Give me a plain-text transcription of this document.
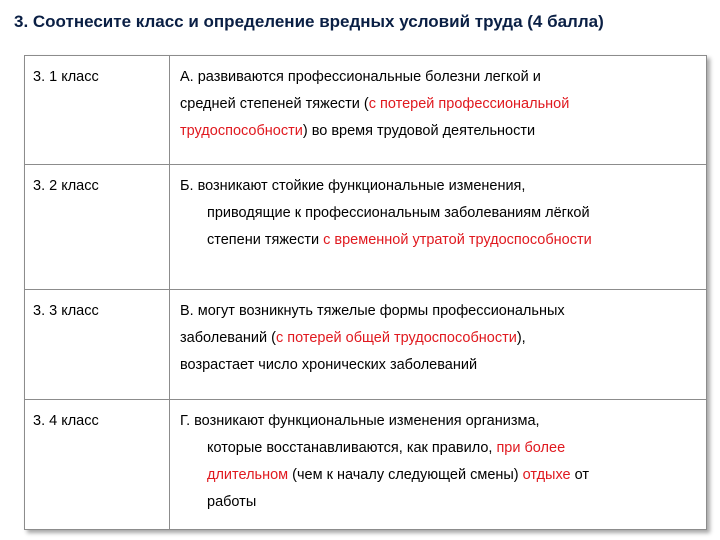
3. Соотнесите класс и определение вредных условий труда (4 балла)
3. 1 класс	А. развиваются профессиональные болезни легкой и
средней степеней тяжести (с потерей профессиональной
трудоспособности) во время трудовой деятельности

3. 2 класс	Б. возникают стойкие функциональные изменения,
приводящие к профессиональным заболеваниям лёгкой
степени тяжести с временной утратой трудоспособности

3. 3 класс	В. могут возникнуть тяжелые формы профессиональных
заболеваний (с потерей общей трудоспособности),
возрастает число хронических заболеваний

3. 4 класс	Г. возникают функциональные изменения организма,
которые восстанавливаются, как правило, при более
длительном (чем к началу следующей смены) отдыхе от
работы
